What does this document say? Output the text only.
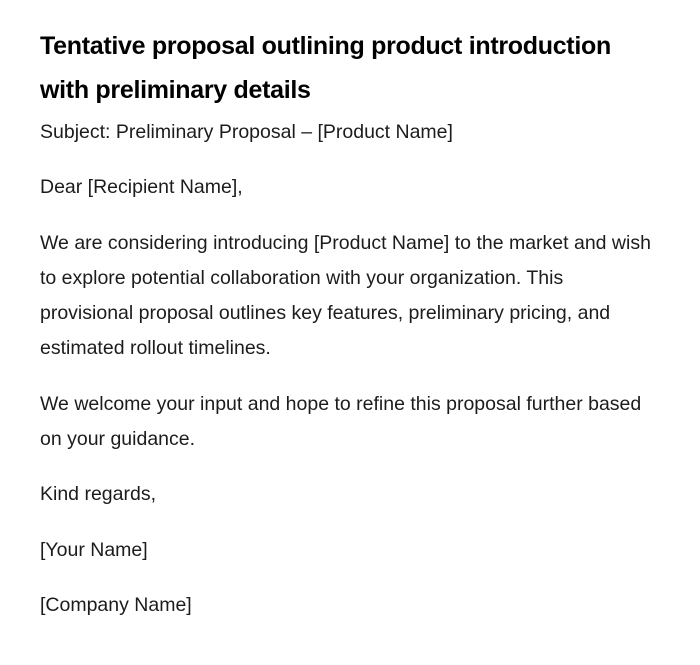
Tentative proposal outlining product introduction with preliminary details

Subject: Preliminary Proposal – [Product Name]

Dear [Recipient Name],

We are considering introducing [Product Name] to the market and wish to explore potential collaboration with your organization. This provisional proposal outlines key features, preliminary pricing, and estimated rollout timelines.

We welcome your input and hope to refine this proposal further based on your guidance.

Kind regards,

[Your Name]

[Company Name]
